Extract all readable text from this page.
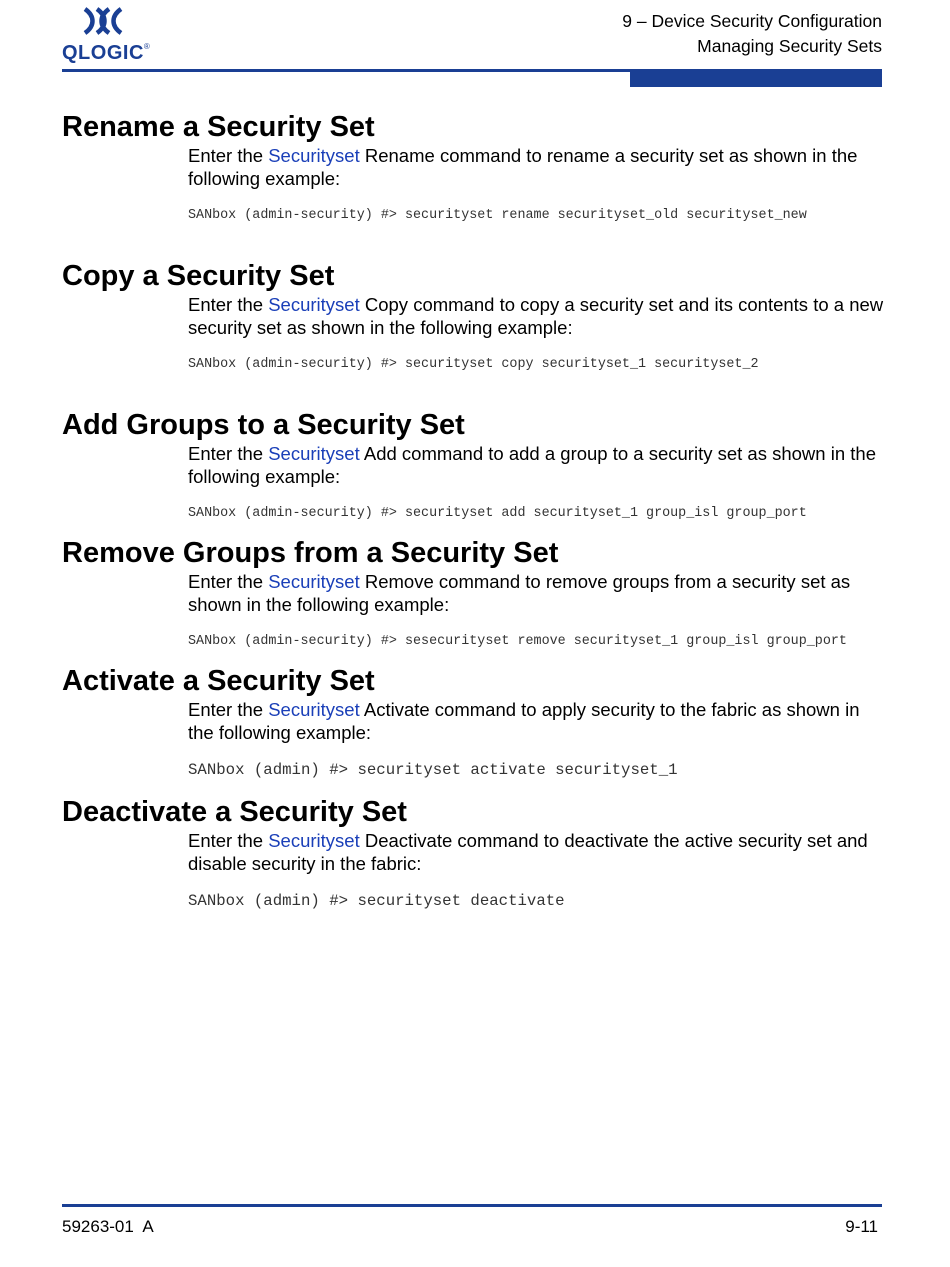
QLOGIC®
9 – Device Security Configuration
Managing Security Sets
Rename a Security Set

Enter the Securityset Rename command to rename a security set as shown in the following example:

SANbox (admin-security) #> securityset rename securityset_old securityset_new
Copy a Security Set

Enter the Securityset Copy command to copy a security set and its contents to a new security set as shown in the following example:

SANbox (admin-security) #> securityset copy securityset_1 securityset_2
Add Groups to a Security Set

Enter the Securityset Add command to add a group to a security set as shown in the following example:

SANbox (admin-security) #> securityset add securityset_1 group_isl group_port
Remove Groups from a Security Set

Enter the Securityset Remove command to remove groups from a security set as shown in the following example:

SANbox (admin-security) #> sesecurityset remove securityset_1 group_isl group_port
Activate a Security Set

Enter the Securityset Activate command to apply security to the fabric as shown in the following example:

SANbox (admin) #> securityset activate securityset_1
Deactivate a Security Set

Enter the Securityset Deactivate command to deactivate the active security set and disable security in the fabric:

SANbox (admin) #> securityset deactivate
59263-01  A	9-11
